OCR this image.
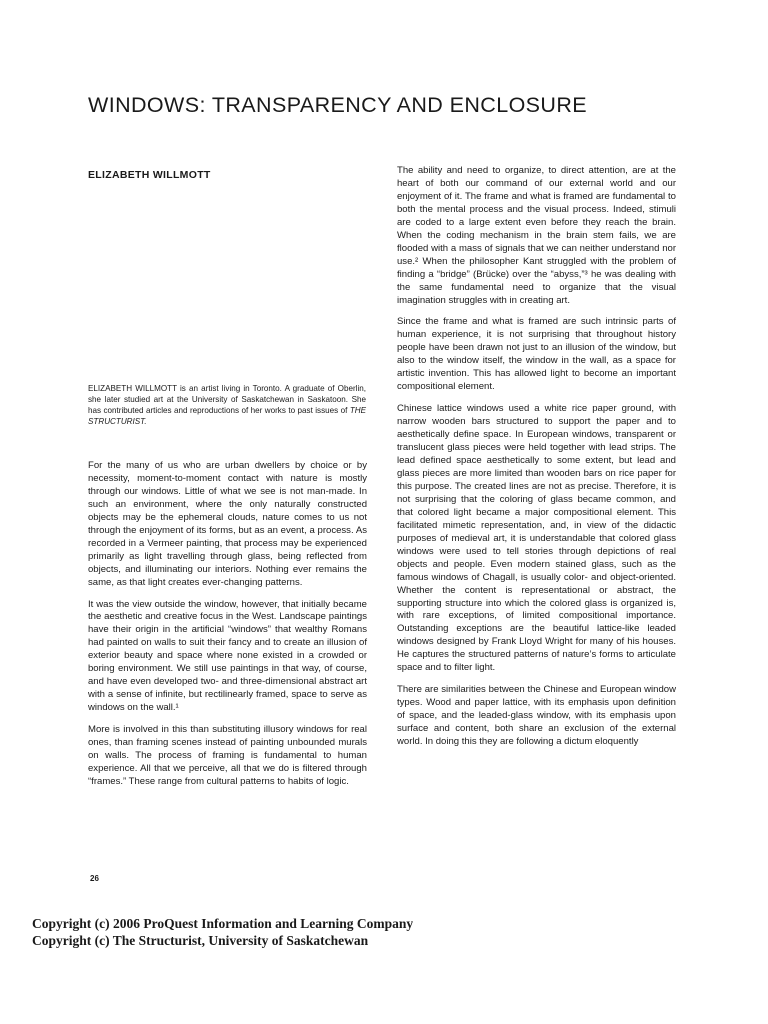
WINDOWS: TRANSPARENCY AND ENCLOSURE
ELIZABETH WILLMOTT

ELIZABETH WILLMOTT is an artist living in Toronto. A graduate of Oberlin, she later studied art at the University of Saskatchewan in Saskatoon. She has contributed articles and reproductions of her works to past issues of THE STRUCTURIST.

For the many of us who are urban dwellers by choice or by necessity, moment-to-moment contact with nature is mostly through our windows. Little of what we see is not man-made. In such an environment, where the only naturally constructed objects may be the ephemeral clouds, nature comes to us not through the enjoyment of its forms, but as an event, a process. As recorded in a Vermeer painting, that process may be experienced primarily as light travelling through glass, being reflected from objects, and illuminating our interiors. Nothing ever remains the same, as that light creates ever-changing patterns.

It was the view outside the window, however, that initially became the aesthetic and creative focus in the West. Landscape paintings have their origin in the artificial “windows” that wealthy Romans had painted on walls to suit their fancy and to create an illusion of exterior beauty and space where none existed in a crowded or boring environment. We still use paintings in that way, of course, and have even developed two- and three-dimensional abstract art with a sense of infinite, but rectilinearly framed, space to serve as windows on the wall.¹

More is involved in this than substituting illusory windows for real ones, than framing scenes instead of painting unbounded murals on walls. The process of framing is fundamental to human experience. All that we perceive, all that we do is filtered through “frames.” These range from cultural patterns to habits of logic.

The ability and need to organize, to direct attention, are at the heart of both our command of our external world and our enjoyment of it. The frame and what is framed are fundamental to both the mental process and the visual process. Indeed, stimuli are coded to a large extent even before they reach the brain. When the coding mechanism in the brain stem fails, we are flooded with a mass of signals that we can neither understand nor use.² When the philosopher Kant struggled with the problem of finding a “bridge” (Brücke) over the “abyss,”³ he was dealing with the same fundamental need to organize that the visual imagination struggles with in creating art.

Since the frame and what is framed are such intrinsic parts of human experience, it is not surprising that throughout history people have been drawn not just to an illusion of the window, but also to the window itself, the window in the wall, as a space for artistic invention. This has allowed light to become an important compositional element.

Chinese lattice windows used a white rice paper ground, with narrow wooden bars structured to support the paper and to aesthetically define space. In European windows, transparent or translucent glass pieces were held together with lead strips. The lead defined space aesthetically to some extent, but lead and glass pieces are more limited than wooden bars on rice paper for this purpose. The created lines are not as precise. Therefore, it is not surprising that the coloring of glass became common, and that colored light became a major compositional element. This facilitated mimetic representation, and, in view of the didactic purposes of medieval art, it is understandable that colored glass windows were used to tell stories through depictions of real objects and people. Even modern stained glass, such as the famous windows of Chagall, is usually color- and object-oriented. Whether the content is representational or abstract, the supporting structure into which the colored glass is organized is, with rare exceptions, of limited compositional importance. Outstanding exceptions are the beautiful lattice-like leaded windows designed by Frank Lloyd Wright for many of his houses. He captures the structured patterns of nature’s forms to articulate space and to filter light.

There are similarities between the Chinese and European window types. Wood and paper lattice, with its emphasis upon definition of space, and the leaded-glass window, with its emphasis upon surface and content, both share an exclusion of the external world. In doing this they are following a dictum eloquently

26

Copyright (c) 2006 ProQuest Information and Learning Company

Copyright (c) The Structurist, University of Saskatchewan
